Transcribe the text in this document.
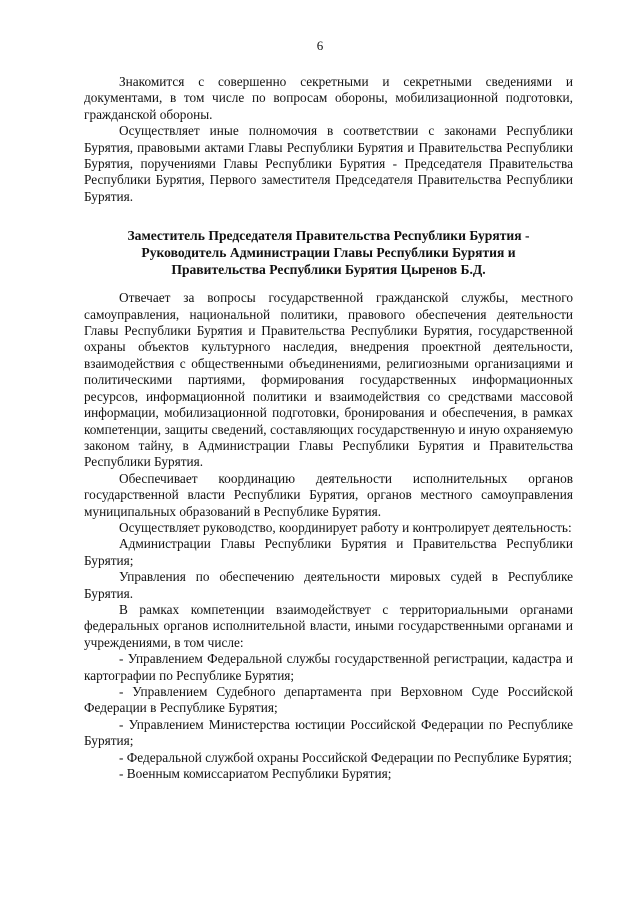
6

Знакомится с совершенно секретными и секретными сведениями и документами, в том числе по вопросам обороны, мобилизационной подготовки, гражданской обороны.

Осуществляет иные полномочия в соответствии с законами Республики Бурятия, правовыми актами Главы Республики Бурятия и Правительства Республики Бурятия, поручениями Главы Республики Бурятия - Председателя Правительства Республики Бурятия, Первого заместителя Председателя Правительства Республики Бурятия.

Заместитель Председателя Правительства Республики Бурятия -
Руководитель Администрации Главы Республики Бурятия и
Правительства Республики Бурятия Цыренов Б.Д.

Отвечает за вопросы государственной гражданской службы, местного самоуправления, национальной политики, правового обеспечения деятельности Главы Республики Бурятия и Правительства Республики Бурятия, государственной охраны объектов культурного наследия, внедрения проектной деятельности, взаимодействия с общественными объединениями, религиозными организациями и политическими партиями, формирования государственных информационных ресурсов, информационной политики и взаимодействия со средствами массовой информации, мобилизационной подготовки, бронирования и обеспечения, в рамках компетенции, защиты сведений, составляющих государственную и иную охраняемую законом тайну, в Администрации Главы Республики Бурятия и Правительства Республики Бурятия.

Обеспечивает координацию деятельности исполнительных органов государственной власти Республики Бурятия, органов местного самоуправления муниципальных образований в Республике Бурятия.

Осуществляет руководство, координирует работу и контролирует деятельность:

Администрации Главы Республики Бурятия и Правительства Республики Бурятия;

Управления по обеспечению деятельности мировых судей в Республике Бурятия.

В рамках компетенции взаимодействует с территориальными органами федеральных органов исполнительной власти, иными государственными органами и учреждениями, в том числе:

- Управлением Федеральной службы государственной регистрации, кадастра и картографии по Республике Бурятия;

- Управлением Судебного департамента при Верховном Суде Российской Федерации в Республике Бурятия;

- Управлением Министерства юстиции Российской Федерации по Республике Бурятия;

- Федеральной службой охраны Российской Федерации по Республике Бурятия;

- Военным комиссариатом Республики Бурятия;
